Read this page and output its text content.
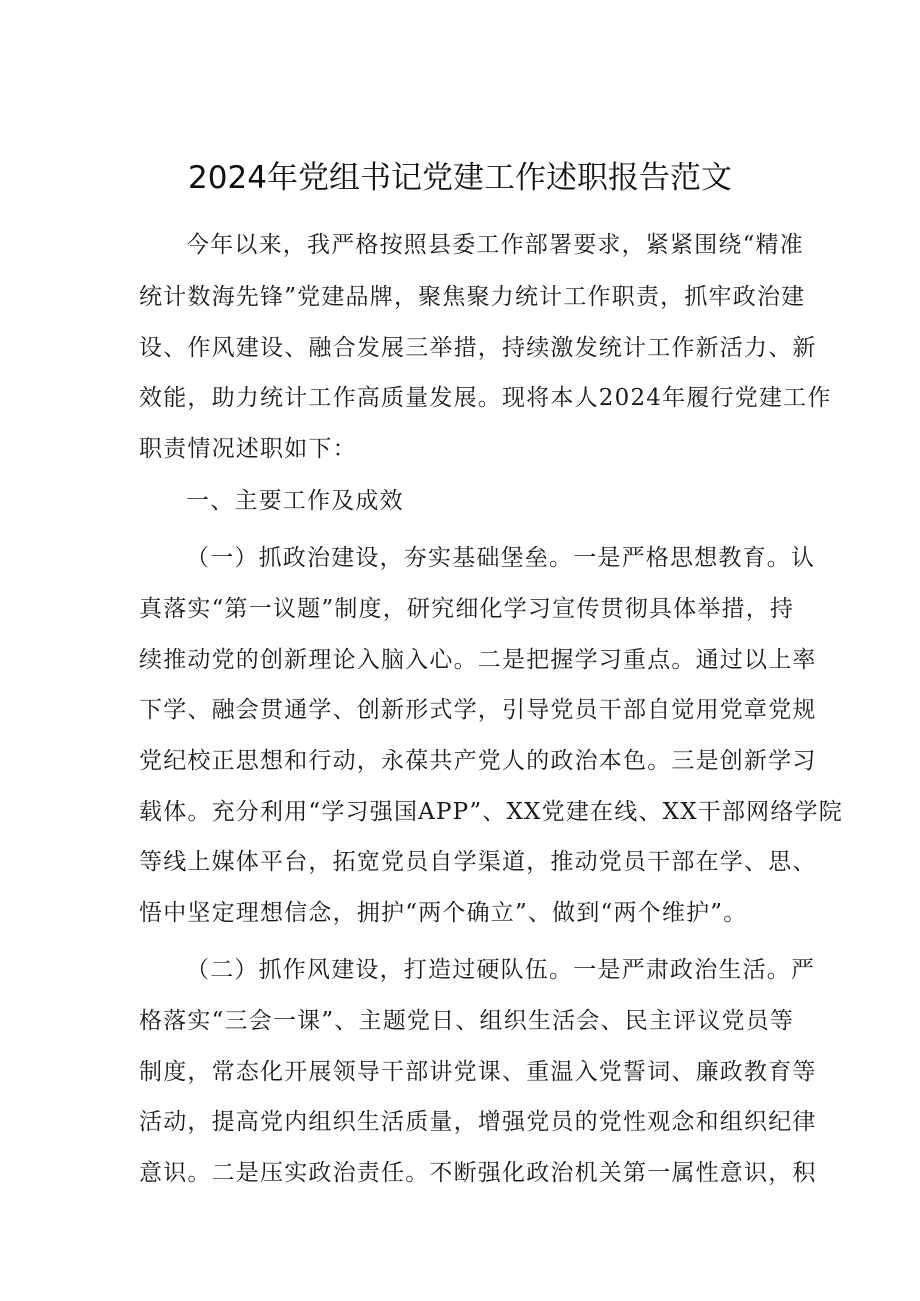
2024年党组书记党建工作述职报告范文
今年以来，我严格按照县委工作部署要求，紧紧围绕“精准
统计数海先锋”党建品牌，聚焦聚力统计工作职责，抓牢政治建
设、作风建设、融合发展三举措，持续激发统计工作新活力、新
效能，助力统计工作高质量发展。现将本人2024年履行党建工作
职责情况述职如下：
一、主要工作及成效
（一）抓政治建设，夯实基础堡垒。一是严格思想教育。认
真落实“第一议题”制度，研究细化学习宣传贯彻具体举措，持
续推动党的创新理论入脑入心。二是把握学习重点。通过以上率
下学、融会贯通学、创新形式学，引导党员干部自觉用党章党规
党纪校正思想和行动，永葆共产党人的政治本色。三是创新学习
载体。充分利用“学习强国APP”、XX党建在线、XX干部网络学院
等线上媒体平台，拓宽党员自学渠道，推动党员干部在学、思、
悟中坚定理想信念，拥护“两个确立”、做到“两个维护”。
（二）抓作风建设，打造过硬队伍。一是严肃政治生活。严
格落实“三会一课”、主题党日、组织生活会、民主评议党员等
制度，常态化开展领导干部讲党课、重温入党誓词、廉政教育等
活动，提高党内组织生活质量，增强党员的党性观念和组织纪律
意识。二是压实政治责任。不断强化政治机关第一属性意识，积
